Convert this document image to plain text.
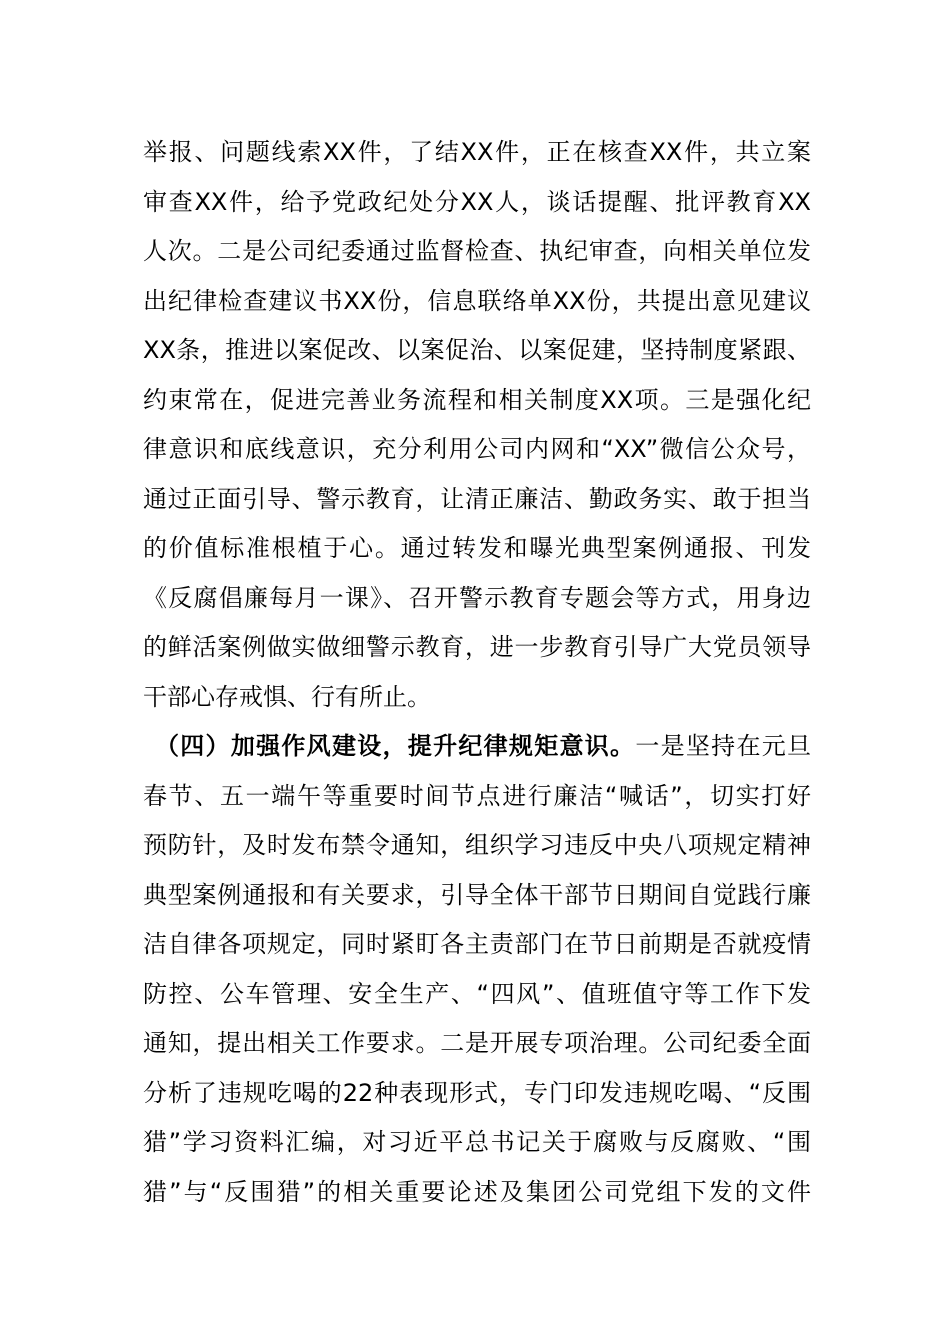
举报、问题线索XX件，了结XX件，正在核查XX件，共立案
审查XX件，给予党政纪处分XX人，谈话提醒、批评教育XX
人次。二是公司纪委通过监督检查、执纪审查，向相关单位发
出纪律检查建议书XX份，信息联络单XX份，共提出意见建议
XX条，推进以案促改、以案促治、以案促建，坚持制度紧跟、
约束常在，促进完善业务流程和相关制度XX项。三是强化纪
律意识和底线意识，充分利用公司内网和“XX”微信公众号，
通过正面引导、警示教育，让清正廉洁、勤政务实、敢于担当
的价值标准根植于心。通过转发和曝光典型案例通报、刊发
《反腐倡廉每月一课》、召开警示教育专题会等方式，用身边
的鲜活案例做实做细警示教育，进一步教育引导广大党员领导
干部心存戒惧、行有所止。
（四）加强作风建设，提升纪律规矩意识。一是坚持在元旦
春节、五一端午等重要时间节点进行廉洁“喊话”，切实打好
预防针，及时发布禁令通知，组织学习违反中央八项规定精神
典型案例通报和有关要求，引导全体干部节日期间自觉践行廉
洁自律各项规定，同时紧盯各主责部门在节日前期是否就疫情
防控、公车管理、安全生产、“四风”、值班值守等工作下发
通知，提出相关工作要求。二是开展专项治理。公司纪委全面
分析了违规吃喝的22种表现形式，专门印发违规吃喝、“反围
猎”学习资料汇编，对习近平总书记关于腐败与反腐败、“围
猎”与“反围猎”的相关重要论述及集团公司党组下发的文件
